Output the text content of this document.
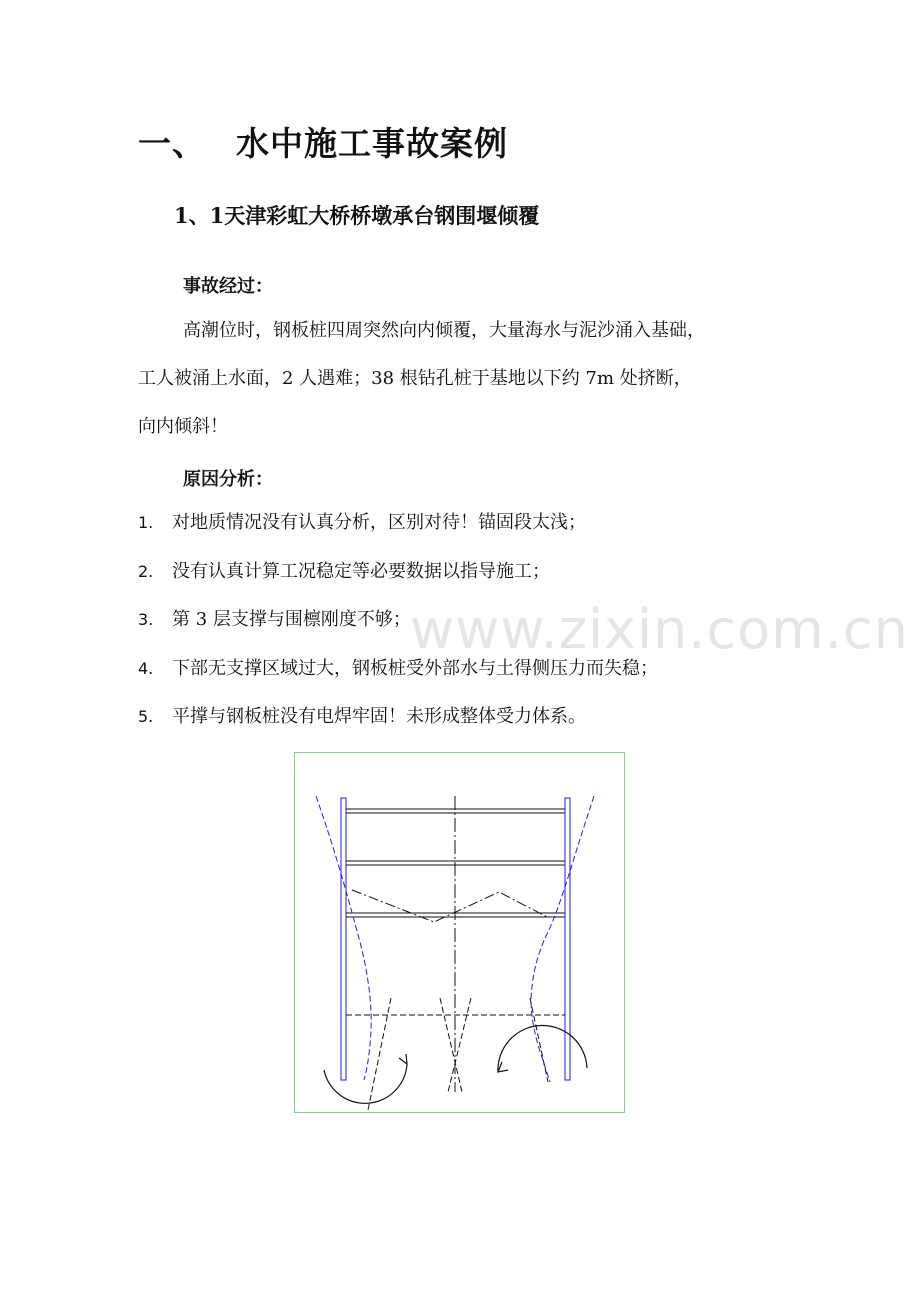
一、 水中施工事故案例
1、1天津彩虹大桥桥墩承台钢围堰倾覆
事故经过：
高潮位时，钢板桩四周突然向内倾覆，大量海水与泥沙涌入基础，
工人被涌上水面，2 人遇难；38 根钻孔桩于基地以下约 7m 处挤断，
向内倾斜！
原因分析：
1. 对地质情况没有认真分析，区别对待！锚固段太浅；
2. 没有认真计算工况稳定等必要数据以指导施工；
3. 第 3 层支撑与围檩刚度不够；
4. 下部无支撑区域过大，钢板桩受外部水与土得侧压力而失稳；
5. 平撑与钢板桩没有电焊牢固！未形成整体受力体系。
www.zixin.com.cn
